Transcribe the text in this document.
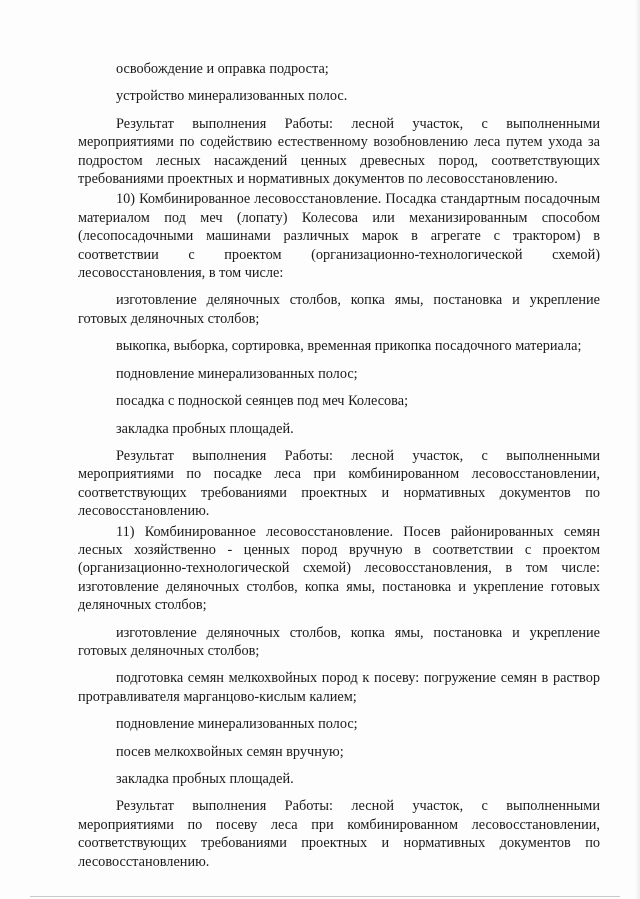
освобождение и оправка подроста;

устройство минерализованных полос.

Результат выполнения Работы: лесной участок, с выполненными мероприятиями по содействию естественному возобновлению леса путем ухода за подростом лесных насаждений ценных древесных пород, соответствующих требованиями проектных и нормативных документов по лесовосстановлению.

10) Комбинированное лесовосстановление. Посадка стандартным посадочным материалом под меч (лопату) Колесова или механизированным способом (лесопосадочными машинами различных марок в агрегате с трактором) в соответствии с проектом (организационно-технологической схемой) лесовосстановления, в том числе:

изготовление деляночных столбов, копка ямы, постановка и укрепление готовых деляночных столбов;

выкопка, выборка, сортировка, временная прикопка посадочного материала;

подновление минерализованных полос;

посадка с подноской сеянцев под меч Колесова;

закладка пробных площадей.

Результат выполнения Работы: лесной участок, с выполненными мероприятиями по посадке леса при комбинированном лесовосстановлении, соответствующих требованиями проектных и нормативных документов по лесовосстановлению.

11) Комбинированное лесовосстановление. Посев районированных семян лесных хозяйственно - ценных пород вручную в соответствии с проектом (организационно-технологической схемой) лесовосстановления, в том числе: изготовление деляночных столбов, копка ямы, постановка и укрепление готовых деляночных столбов;

изготовление деляночных столбов, копка ямы, постановка и укрепление готовых деляночных столбов;

подготовка семян мелкохвойных пород к посеву: погружение семян в раствор протравливателя марганцово-кислым калием;

подновление минерализованных полос;

посев мелкохвойных семян вручную;

закладка пробных площадей.

Результат выполнения Работы: лесной участок, с выполненными мероприятиями по посеву леса при комбинированном лесовосстановлении, соответствующих требованиями проектных и нормативных документов по лесовосстановлению.
